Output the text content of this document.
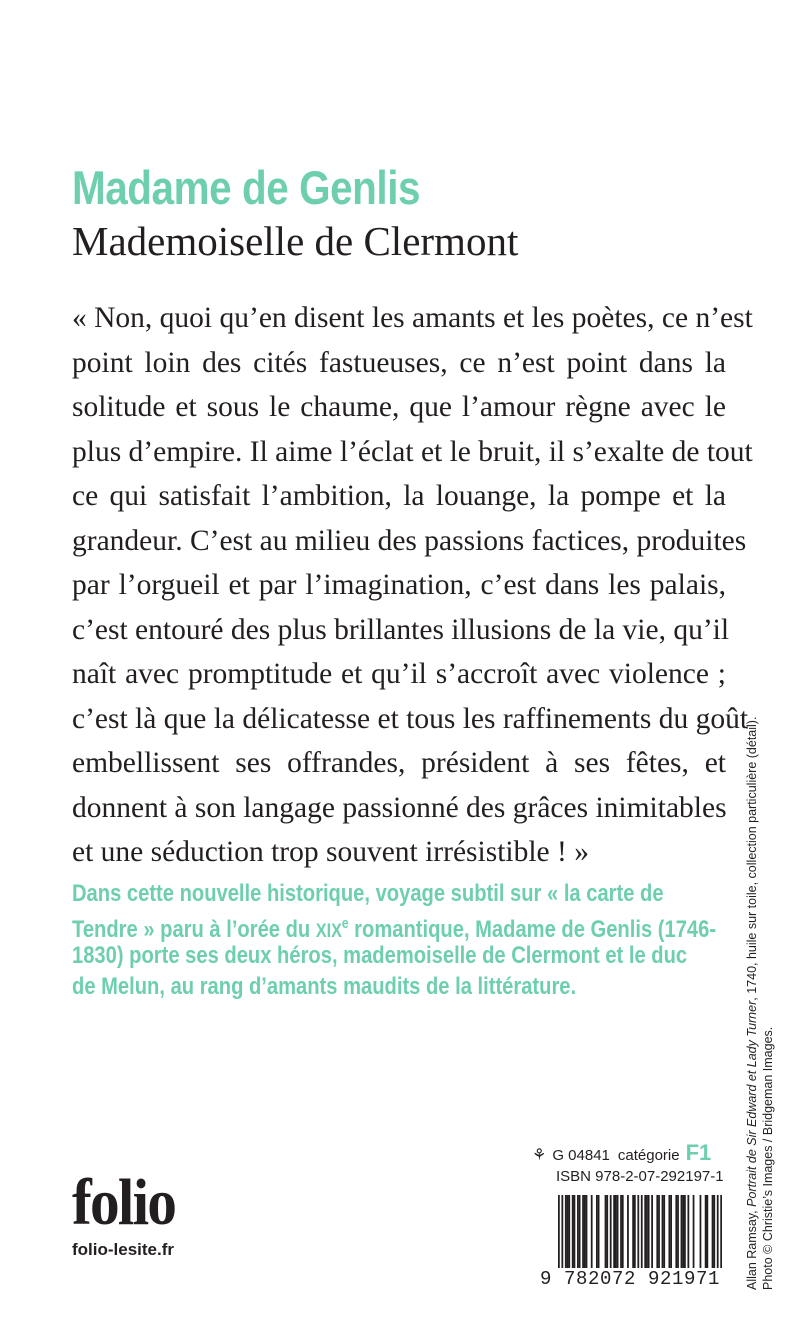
Madame de Genlis
Mademoiselle de Clermont
« Non, quoi qu’en disent les amants et les poètes, ce n’est
point loin des cités fastueuses, ce n’est point dans la
solitude et sous le chaume, que l’amour règne avec le
plus d’empire. Il aime l’éclat et le bruit, il s’exalte de tout
ce qui satisfait l’ambition, la louange, la pompe et la
grandeur. C’est au milieu des passions factices, produites
par l’orgueil et par l’imagination, c’est dans les palais,
c’est entouré des plus brillantes illusions de la vie, qu’il
naît avec promptitude et qu’il s’accroît avec violence ;
c’est là que la délicatesse et tous les raffinements du goût
embellissent ses offrandes, président à ses fêtes, et
donnent à son langage passionné des grâces inimitables
et une séduction trop souvent irrésistible ! »
Dans cette nouvelle historique, voyage subtil sur « la carte de
Tendre » paru à l’orée du XIXe romantique, Madame de Genlis (1746-
1830) porte ses deux héros, mademoiselle de Clermont et le duc
de Melun, au rang d’amants maudits de la littérature.
Allan Ramsay, Portrait de Sir Edward et Lady Turner, 1740, huile sur toile, collection particulière (détail).
Photo © Christie’s Images / Bridgeman Images.
folio
folio-lesite.fr
⚘ G 04841 catégorie F1
ISBN 978-2-07-292197-1
9 782072 921971
